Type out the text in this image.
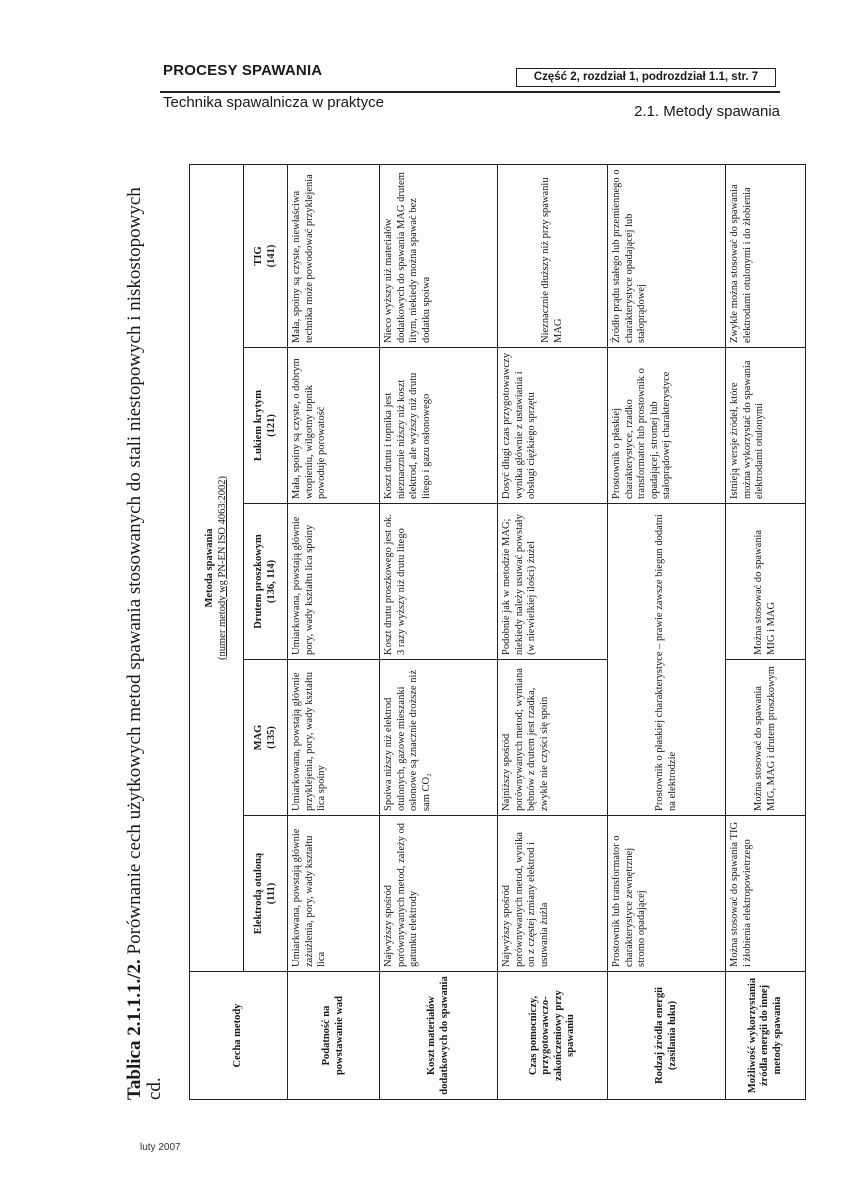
PROCESY SPAWANIA	Część 2, rozdział 1, podrozdział 1.1, str. 7
Technika spawalnicza w praktyce
2.1. Metody spawania
Tablica 2.1.1.1./2. Porównanie cech użytkowych metod spawania stosowanych do stali niestopowych i niskostopowych cd.
Cecha metody	Metoda spawania (numer metody wg PN-EN ISO 4063:2002)				

	Elektrodą otuloną (111)	MAG (135)	Drutem proszkowym (136, 114)	Łukiem krytym (121)	TIG (141)

Podatność na powstawanie wad	Umiarkowana, powstają głównie zażużlenia, pory, wady kształtu lica	Umiarkowana, powstają głównie przyklejenia, pory, wady kształtu lica spoiny	Umiarkowana, powstają głównie pory, wady kształtu lica spoiny	Mała, spoiny są czyste, o dobrym wtopieniu, wilgotny topnik powoduje porowatość	Mała, spoiny są czyste, niewłaściwa technika może powodować przyklejenia
Koszt materiałów dodatkowych do spawania	Najwyższy spośród porównywanych metod, zależy od gatunku elektrody	Spoiwa niższy niż elektrod otulonych, gazowe mieszanki osłonowe są znacznie droższe niż sam CO₂	Koszt drutu proszkowego jest ok. 3 razy wyższy niż drutu litego	Koszt drutu i topnika jest nieznacznie niższy niż koszt elektrod, ale wyższy niż drutu litego i gazu osłonowego	Nieco wyższy niż materiałów dodatkowych do spawania MAG drutem litym, niekiedy można spawać bez dodatku spoiwa
Czas pomocniczy, przygotowawczo-zakończeniowy przy spawaniu	Najwyższy spośród porównywanych metod, wynika on z częstej zmiany elektrod i usuwania żużla	Najniższy spośród porównywanych metod; wymiana bębnów z drutem jest rzadka, zwykle nie czyści się spoin	Podobnie jak w metodzie MAG; niekiedy należy usuwać powstały (w niewielkiej ilości) żużel	Dosyć długi czas przygotowawczy wynika głównie z ustawiania i obsługi ciężkiego sprzętu	Nieznacznie dłuższy niż przy spawaniu MAG
Rodzaj źródła energii (zasilania łuku)	Prostownik lub transformator o charakterystyce zewnętrznej stromo opadającej	Prostownik o płaskiej charakterystyce – prawie zawsze biegun dodatni na elektrodzie		Prostownik o płaskiej charakterystyce, rzadko transformator lub prostownik o opadającej, stromej lub stałoprądowej charakterystyce	Źródło prądu stałego lub przemiennego o charakterystyce opadającej lub stałoprądowej
Możliwość wykorzystania źródła energii do innej metody spawania	Można stosować do spawania TIG i żłobienia elektropowietrzego	Można stosować do spawania MIG, MAG i drutem proszkowym	Można stosować do spawania MIG i MAG	Istnieją wersje źródeł, które można wykorzystać do spawania elektrodami otulonymi	Zwykle można stosować do spawania elektrodami otulonymi i do żłobienia
luty 2007
